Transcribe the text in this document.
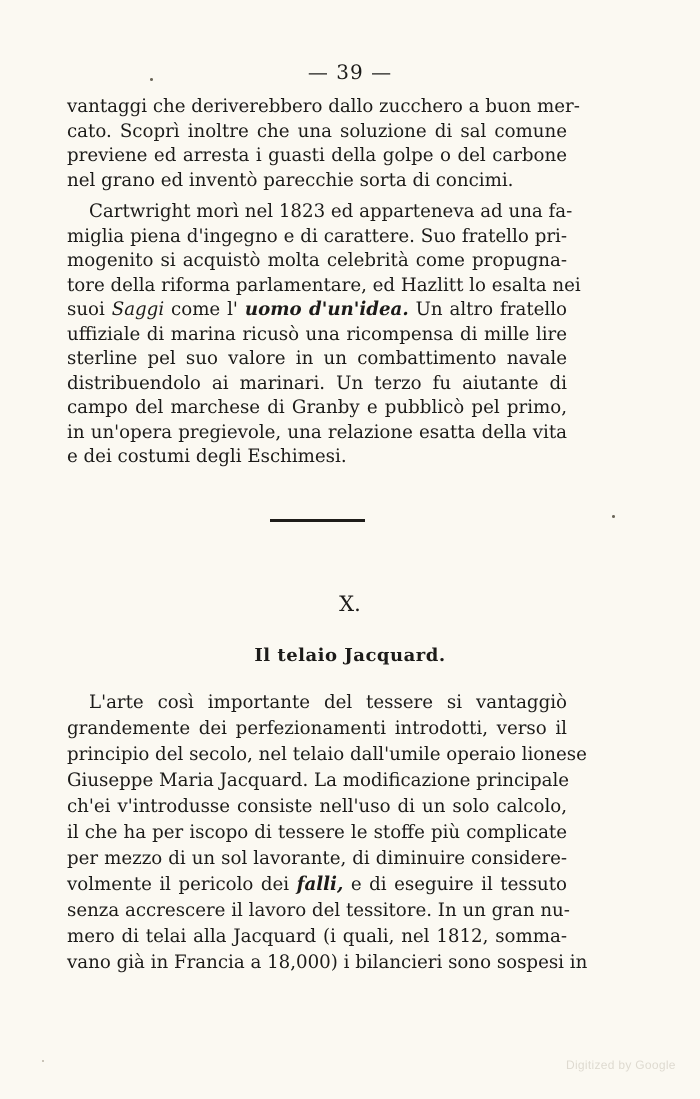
— 39 —
vantaggi che deriverebbero dallo zucchero a buon mer-
cato. Scoprì inoltre che una soluzione di sal comune
previene ed arresta i guasti della golpe o del carbone
nel grano ed inventò parecchie sorta di concimi.
Cartwright morì nel 1823 ed apparteneva ad una fa-
miglia piena d'ingegno e di carattere. Suo fratello pri-
mogenito si acquistò molta celebrità come propugna-
tore della riforma parlamentare, ed Hazlitt lo esalta nei
suoi Saggi come l' uomo d'un'idea. Un altro fratello
uffiziale di marina ricusò una ricompensa di mille lire
sterline pel suo valore in un combattimento navale
distribuendolo ai marinari. Un terzo fu aiutante di
campo del marchese di Granby e pubblicò pel primo,
in un'opera pregievole, una relazione esatta della vita
e dei costumi degli Eschimesi.
X.
Il telaio Jacquard.
L'arte così importante del tessere si vantaggiò
grandemente dei perfezionamenti introdotti, verso il
principio del secolo, nel telaio dall'umile operaio lionese
Giuseppe Maria Jacquard. La modificazione principale
ch'ei v'introdusse consiste nell'uso di un solo calcolo,
il che ha per iscopo di tessere le stoffe più complicate
per mezzo di un sol lavorante, di diminuire considere-
volmente il pericolo dei falli, e di eseguire il tessuto
senza accrescere il lavoro del tessitore. In un gran nu-
mero di telai alla Jacquard (i quali, nel 1812, somma-
vano già in Francia a 18,000) i bilancieri sono sospesi in
Digitized by Google
